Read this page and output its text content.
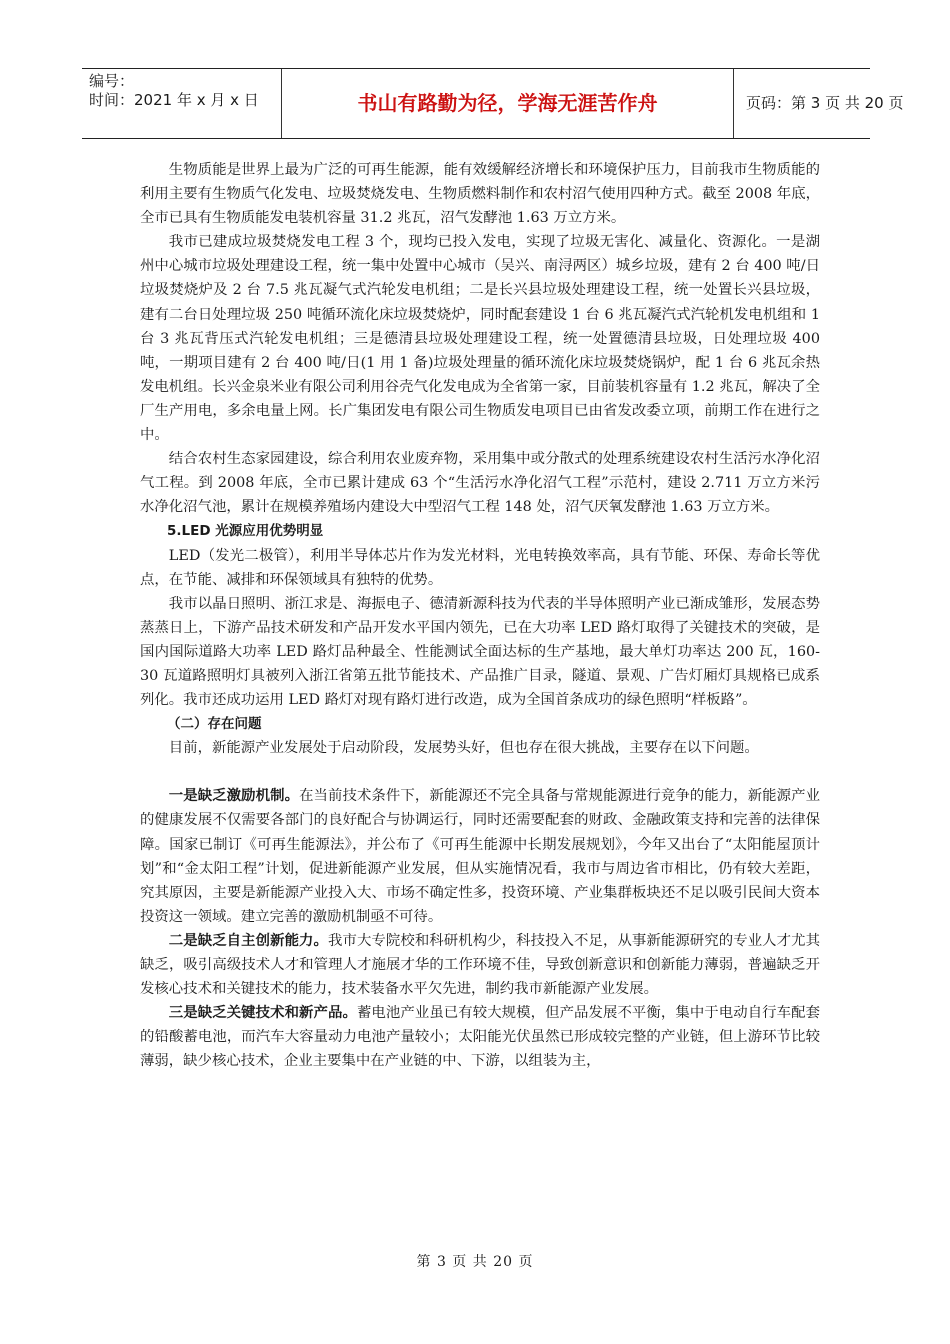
编号：
时间：2021 年 x 月 x 日	书山有路勤为径，学海无涯苦作舟	页码：第 3 页 共 20 页

生物质能是世界上最为广泛的可再生能源，能有效缓解经济增长和环境保护压力，目前我市生物质能的利用主要有生物质气化发电、垃圾焚烧发电、生物质燃料制作和农村沼气使用四种方式。截至 2008 年底，全市已具有生物质能发电装机容量 31.2 兆瓦，沼气发酵池 1.63 万立方米。

我市已建成垃圾焚烧发电工程 3 个，现均已投入发电，实现了垃圾无害化、减量化、资源化。一是湖州中心城市垃圾处理建设工程，统一集中处置中心城市（吴兴、南浔两区）城乡垃圾，建有 2 台 400 吨/日垃圾焚烧炉及 2 台 7.5 兆瓦凝气式汽轮发电机组；二是长兴县垃圾处理建设工程，统一处置长兴县垃圾，建有二台日处理垃圾 250 吨循环流化床垃圾焚烧炉，同时配套建设 1 台 6 兆瓦凝汽式汽轮机发电机组和 1 台 3 兆瓦背压式汽轮发电机组；三是德清县垃圾处理建设工程，统一处置德清县垃圾，日处理垃圾 400 吨，一期项目建有 2 台 400 吨/日(1 用 1 备)垃圾处理量的循环流化床垃圾焚烧锅炉，配 1 台 6 兆瓦余热发电机组。长兴金泉米业有限公司利用谷壳气化发电成为全省第一家，目前装机容量有 1.2 兆瓦，解决了全厂生产用电，多余电量上网。长广集团发电有限公司生物质发电项目已由省发改委立项，前期工作在进行之中。

结合农村生态家园建设，综合利用农业废弃物，采用集中或分散式的处理系统建设农村生活污水净化沼气工程。到 2008 年底，全市已累计建成 63 个“生活污水净化沼气工程”示范村，建设 2.711 万立方米污水净化沼气池，累计在规模养殖场内建设大中型沼气工程 148 处，沼气厌氧发酵池 1.63 万立方米。

5.LED 光源应用优势明显

LED（发光二极管），利用半导体芯片作为发光材料，光电转换效率高，具有节能、环保、寿命长等优点，在节能、减排和环保领域具有独特的优势。

我市以晶日照明、浙江求是、海振电子、德清新源科技为代表的半导体照明产业已渐成雏形，发展态势蒸蒸日上，下游产品技术研发和产品开发水平国内领先，已在大功率 LED 路灯取得了关键技术的突破，是国内国际道路大功率 LED 路灯品种最全、性能测试全面达标的生产基地，最大单灯功率达 200 瓦，160-30 瓦道路照明灯具被列入浙江省第五批节能技术、产品推广目录，隧道、景观、广告灯厢灯具规格已成系列化。我市还成功运用 LED 路灯对现有路灯进行改造，成为全国首条成功的绿色照明“样板路”。

（二）存在问题

目前，新能源产业发展处于启动阶段，发展势头好，但也存在很大挑战，主要存在以下问题。

一是缺乏激励机制。在当前技术条件下，新能源还不完全具备与常规能源进行竞争的能力，新能源产业的健康发展不仅需要各部门的良好配合与协调运行，同时还需要配套的财政、金融政策支持和完善的法律保障。国家已制订《可再生能源法》，并公布了《可再生能源中长期发展规划》，今年又出台了“太阳能屋顶计划”和“金太阳工程”计划，促进新能源产业发展，但从实施情况看，我市与周边省市相比，仍有较大差距，究其原因，主要是新能源产业投入大、市场不确定性多，投资环境、产业集群板块还不足以吸引民间大资本投资这一领域。建立完善的激励机制亟不可待。

二是缺乏自主创新能力。我市大专院校和科研机构少，科技投入不足，从事新能源研究的专业人才尤其缺乏，吸引高级技术人才和管理人才施展才华的工作环境不佳，导致创新意识和创新能力薄弱，普遍缺乏开发核心技术和关键技术的能力，技术装备水平欠先进，制约我市新能源产业发展。

三是缺乏关键技术和新产品。蓄电池产业虽已有较大规模，但产品发展不平衡，集中于电动自行车配套的铅酸蓄电池，而汽车大容量动力电池产量较小；太阳能光伏虽然已形成较完整的产业链，但上游环节比较薄弱，缺少核心技术，企业主要集中在产业链的中、下游，以组装为主，

第 3 页 共 20 页
